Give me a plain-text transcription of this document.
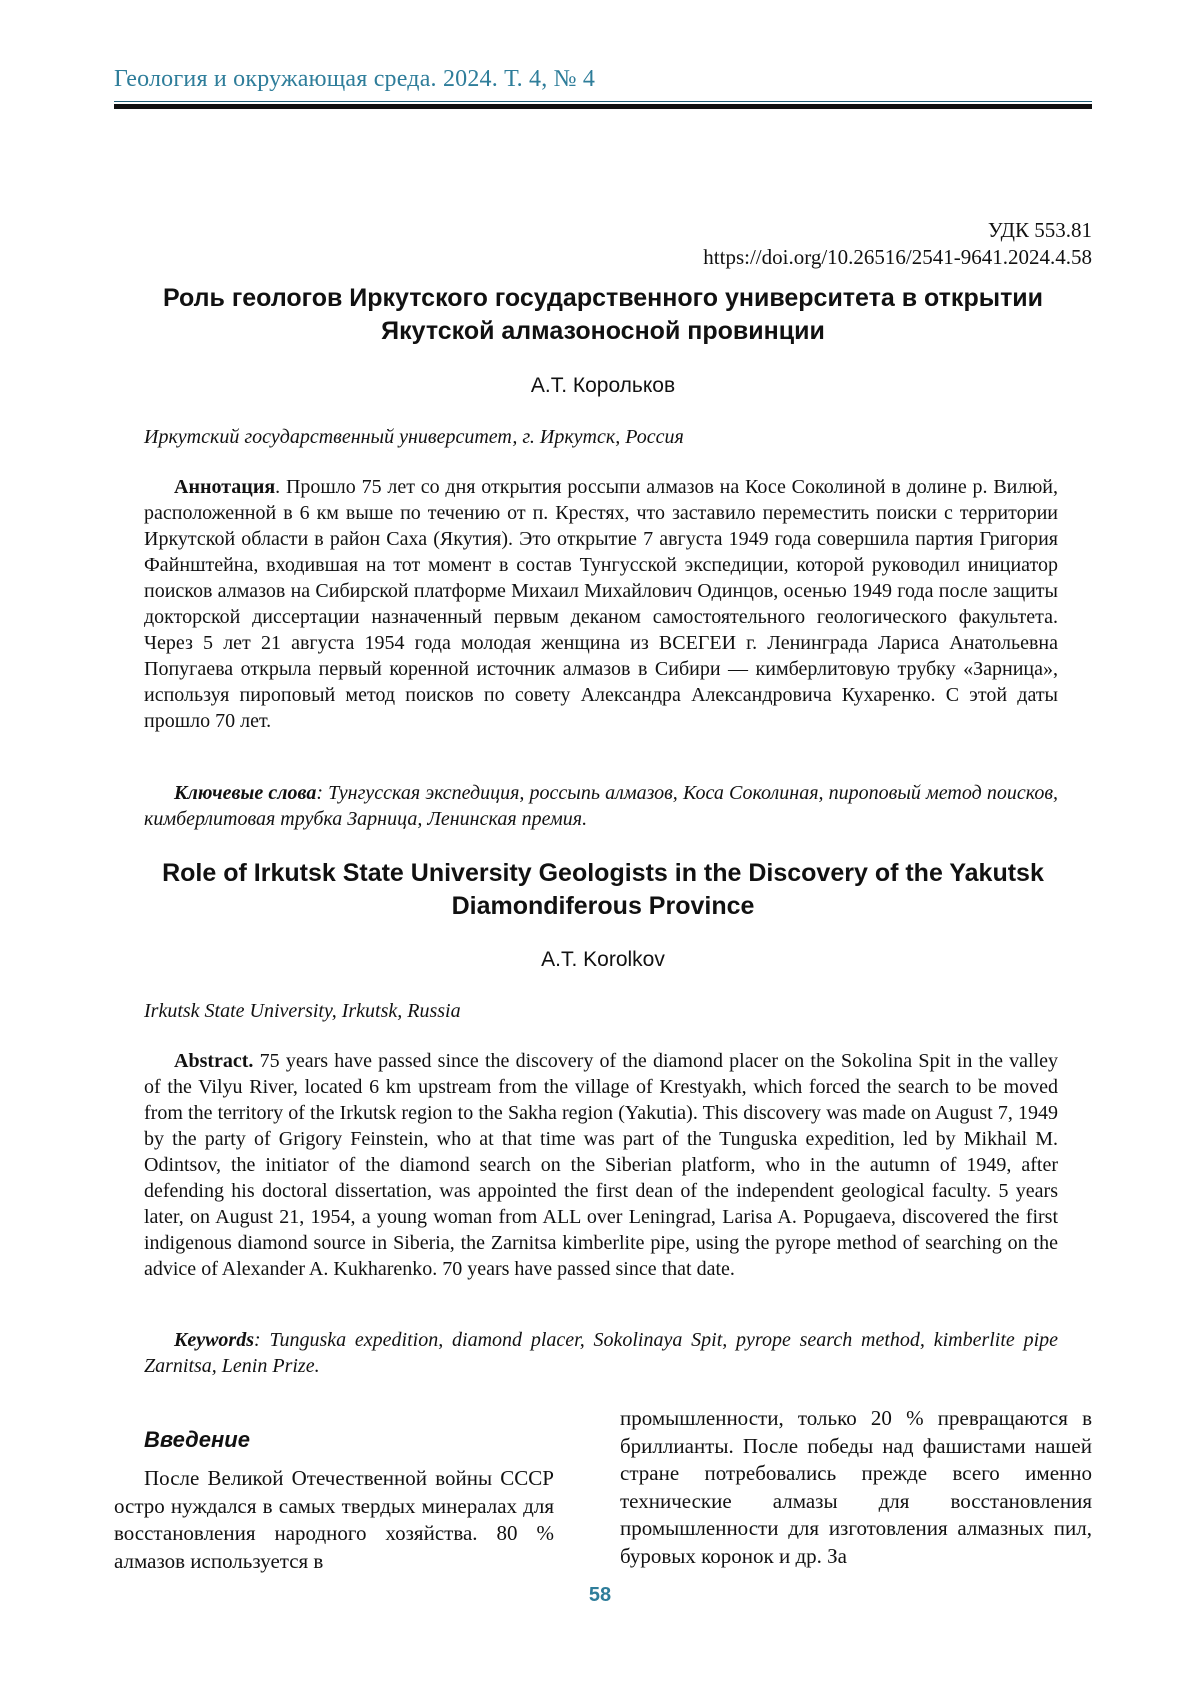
Геология и окружающая среда. 2024. Т. 4, № 4
УДК 553.81
https://doi.org/10.26516/2541-9641.2024.4.58
Роль геологов Иркутского государственного университета в открытии Якутской алмазоносной провинции
А.Т. Корольков
Иркутский государственный университет, г. Иркутск, Россия

Аннотация. Прошло 75 лет со дня открытия россыпи алмазов на Косе Соколиной в долине р. Вилюй, расположенной в 6 км выше по течению от п. Крестях, что заставило переместить поиски с территории Иркутской области в район Саха (Якутия). Это открытие 7 августа 1949 года совершила партия Григория Файнштейна, входившая на тот момент в состав Тунгусской экспедиции, которой руководил инициатор поисков алмазов на Сибирской платформе Михаил Михайлович Одинцов, осенью 1949 года после защиты докторской диссертации назначенный первым деканом самостоятельного геологического факультета. Через 5 лет 21 августа 1954 года молодая женщина из ВСЕГЕИ г. Ленинграда Лариса Анатольевна Попугаева открыла первый коренной источник алмазов в Сибири — кимберлитовую трубку «Зарница», используя пироповый метод поисков по совету Александра Александровича Кухаренко. С этой даты прошло 70 лет.

Ключевые слова: Тунгусская экспедиция, россыпь алмазов, Коса Соколиная, пироповый метод поисков, кимберлитовая трубка Зарница, Ленинская премия.

Role of Irkutsk State University Geologists in the Discovery of the Yakutsk Diamondiferous Province
A.T. Korolkov
Irkutsk State University, Irkutsk, Russia

Abstract. 75 years have passed since the discovery of the diamond placer on the Sokolina Spit in the valley of the Vilyu River, located 6 km upstream from the village of Krestyakh, which forced the search to be moved from the territory of the Irkutsk region to the Sakha region (Yakutia). This discovery was made on August 7, 1949 by the party of Grigory Feinstein, who at that time was part of the Tunguska expedition, led by Mikhail M. Odintsov, the initiator of the diamond search on the Siberian platform, who in the autumn of 1949, after defending his doctoral dissertation, was appointed the first dean of the independent geological faculty. 5 years later, on August 21, 1954, a young woman from ALL over Leningrad, Larisa A. Popugaeva, discovered the first indigenous diamond source in Siberia, the Zarnitsa kimberlite pipe, using the pyrope method of searching on the advice of Alexander A. Kukharenko. 70 years have passed since that date.

Keywords: Tunguska expedition, diamond placer, Sokolinaya Spit, pyrope search method, kimberlite pipe Zarnitsa, Lenin Prize.

Введение

После Великой Отечественной войны СССР остро нуждался в самых твердых минералах для восстановления народного хозяйства. 80 % алмазов используется в

промышленности, только 20 % превращаются в бриллианты. После победы над фашистами нашей стране потребовались прежде всего именно технические алмазы для восстановления промышленности для изготовления алмазных пил, буровых коронок и др. За

58
